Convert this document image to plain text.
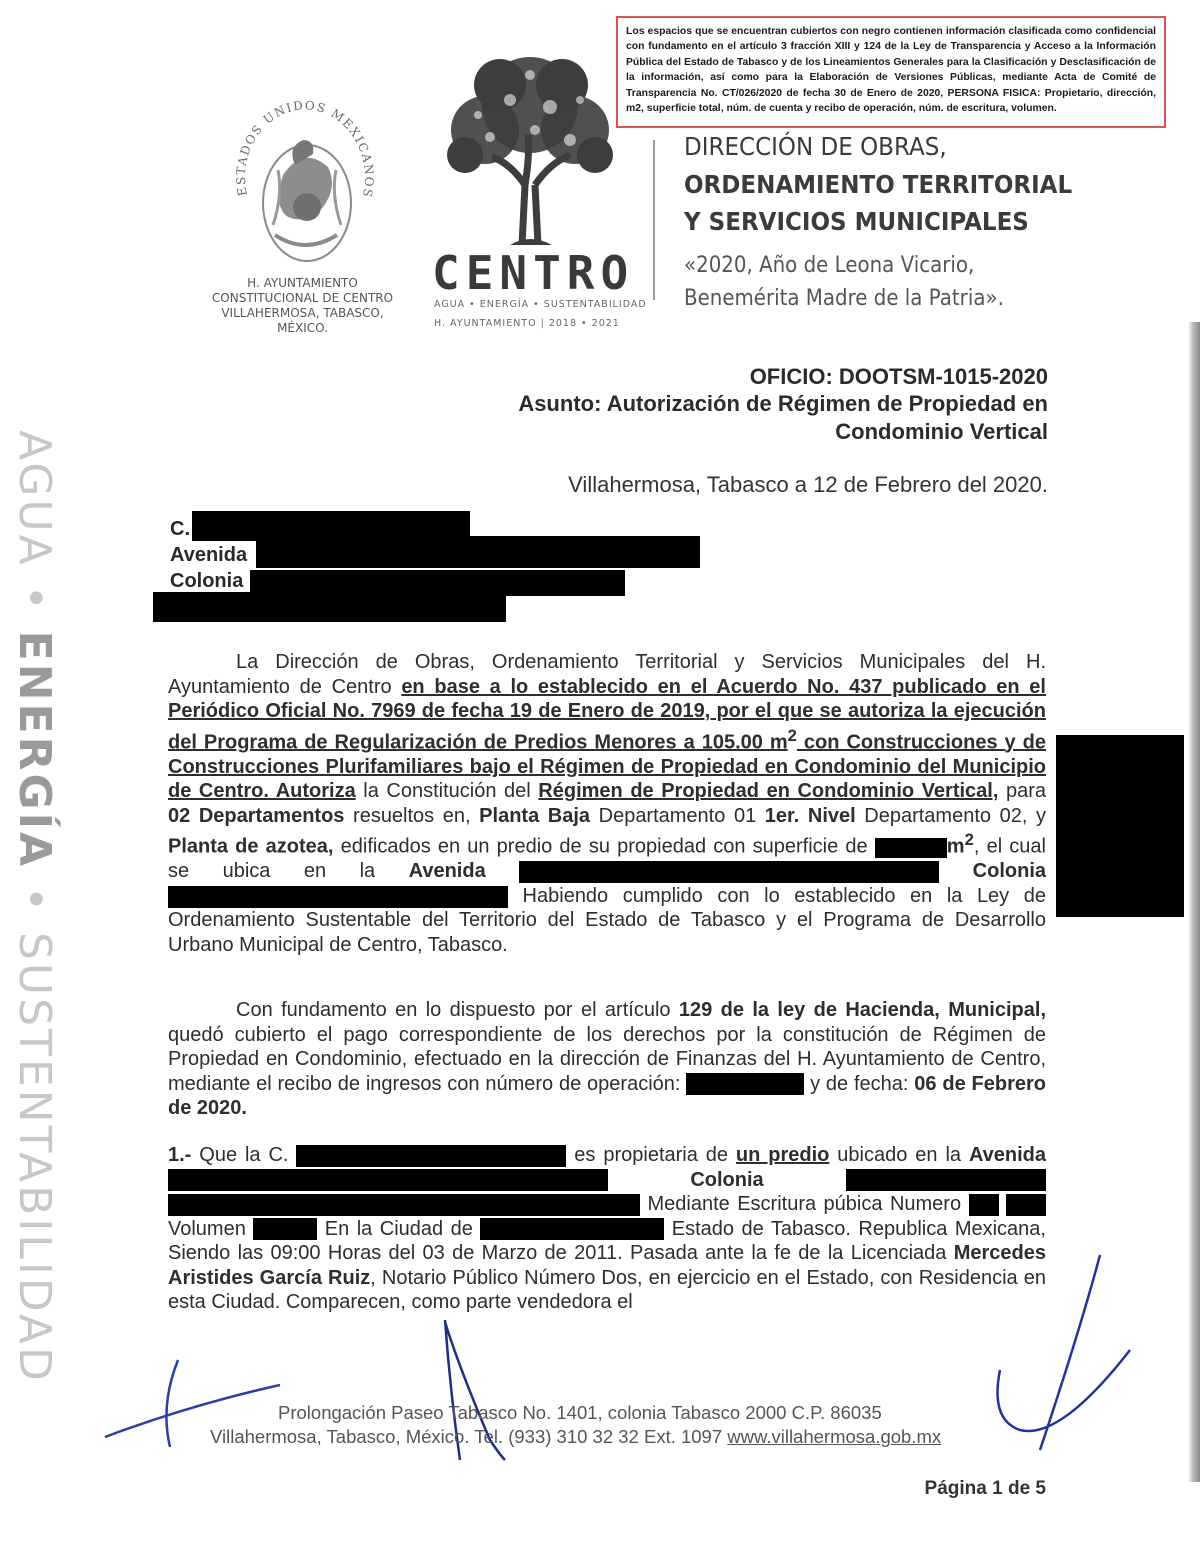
Los espacios que se encuentran cubiertos con negro contienen información clasificada como confidencial con fundamento en el artículo 3 fracción XIII y 124 de la Ley de Transparencia y Acceso a la Información Pública del Estado de Tabasco y de los Lineamientos Generales para la Clasificación y Desclasificación de la información, así como para la Elaboración de Versiones Públicas, mediante Acta de Comité de Transparencia No. CT/026/2020 de fecha 30 de Enero de 2020, PERSONA FISICA: Propietario, dirección, m2, superficie total, núm. de cuenta y recibo de operación, núm. de escritura, volumen.
ESTADOS UNIDOS MEXICANOS
H. AYUNTAMIENTO
CONSTITUCIONAL DE CENTRO
VILLAHERMOSA, TABASCO, MÉXICO.
CENTRO
AGUA • ENERGÍA • SUSTENTABILIDAD
H. AYUNTAMIENTO | 2018 • 2021
DIRECCIÓN DE OBRAS,
ORDENAMIENTO TERRITORIAL
Y SERVICIOS MUNICIPALES
«2020, Año de Leona Vicario,
Benemérita Madre de la Patria».
AGUA • ENERGÍA • SUSTENTABILIDAD
OFICIO: DOOTSM-1015-2020
Asunto: Autorización de Régimen de Propiedad en
Condominio Vertical
Villahermosa, Tabasco a 12 de Febrero del 2020.
C.
Avenida
Colonia
La Dirección de Obras, Ordenamiento Territorial y Servicios Municipales del H. Ayuntamiento de Centro en base a lo establecido en el Acuerdo No. 437 publicado en el Periódico Oficial No. 7969 de fecha 19 de Enero de 2019, por el que se autoriza la ejecución del Programa de Regularización de Predios Menores a 105.00 $m^2$ con Construcciones y de Construcciones Plurifamiliares bajo el Régimen de Propiedad en Condominio del Municipio de Centro. Autoriza la Constitución del Régimen de Propiedad en Condominio Vertical, para 02 Departamentos resueltos en, Planta Baja Departamento 01 1er. Nivel Departamento 02, y Planta de azotea, edificados en un predio de su propiedad con superficie de	$m^2$, el cual se ubica en la Avenida	Colonia  Habiendo cumplido con lo establecido en la Ley de Ordenamiento Sustentable del Territorio del Estado de Tabasco y el Programa de Desarrollo Urbano Municipal de Centro, Tabasco.
Con fundamento en lo dispuesto por el artículo 129 de la ley de Hacienda, Municipal, quedó cubierto el pago correspondiente de los derechos por la constitución de Régimen de Propiedad en Condominio, efectuado en la dirección de Finanzas del H. Ayuntamiento de Centro, mediante el recibo de ingresos con número de operación:	y de fecha: 06 de Febrero de 2020.
1.- Que la C.	es propietaria de un predio ubicado en la Avenida  Colonia   Mediante Escritura púbica Numero   Volumen	En la Ciudad de	Estado de Tabasco. Republica Mexicana, Siendo las 09:00 Horas del 03 de Marzo de 2011. Pasada ante la fe de la Licenciada Mercedes Aristides García Ruiz, Notario Público Número Dos, en ejercicio en el Estado, con Residencia en esta Ciudad. Comparecen, como parte vendedora el
Prolongación Paseo Tabasco No. 1401, colonia Tabasco 2000 C.P. 86035
Villahermosa, Tabasco, México. Tel. (933) 310 32 32 Ext. 1097 www.villahermosa.gob.mx
Página 1 de 5
